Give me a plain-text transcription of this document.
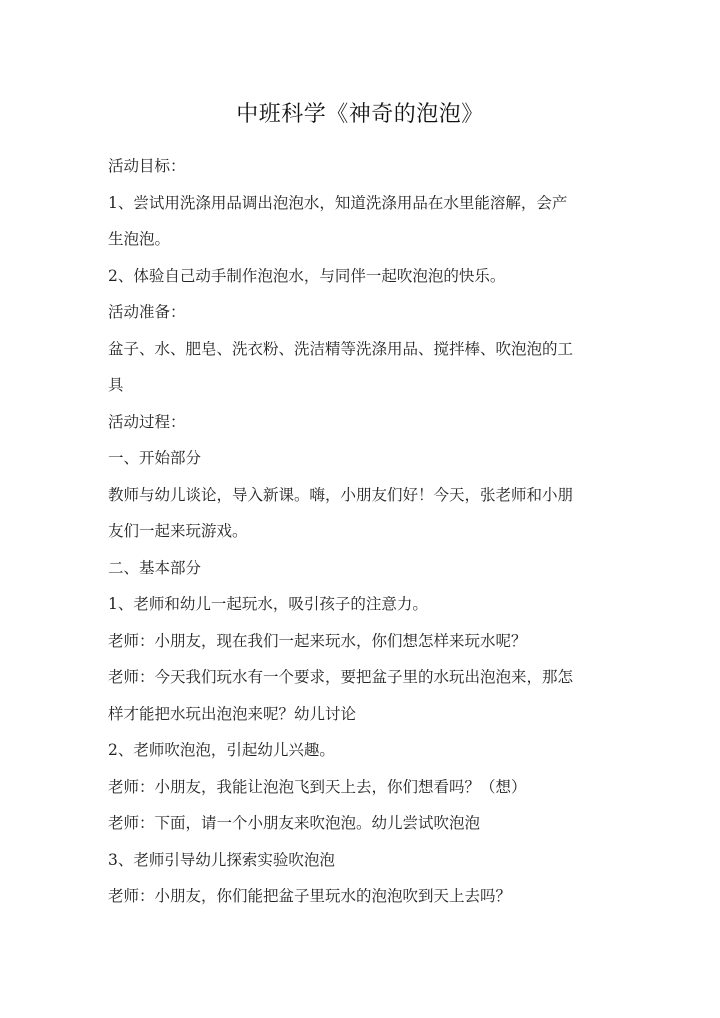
中班科学《神奇的泡泡》

活动目标：

1、尝试用洗涤用品调出泡泡水，知道洗涤用品在水里能溶解，会产

生泡泡。

2、体验自己动手制作泡泡水，与同伴一起吹泡泡的快乐。

活动准备：

盆子、水、肥皂、洗衣粉、洗洁精等洗涤用品、搅拌棒、吹泡泡的工

具

活动过程：

一、开始部分

教师与幼儿谈论，导入新课。嗨，小朋友们好！今天，张老师和小朋

友们一起来玩游戏。

二、基本部分

1、老师和幼儿一起玩水，吸引孩子的注意力。

老师：小朋友，现在我们一起来玩水，你们想怎样来玩水呢？

老师：今天我们玩水有一个要求，要把盆子里的水玩出泡泡来，那怎

样才能把水玩出泡泡来呢？幼儿讨论

2、老师吹泡泡，引起幼儿兴趣。

老师：小朋友，我能让泡泡飞到天上去，你们想看吗？（想）

老师：下面，请一个小朋友来吹泡泡。幼儿尝试吹泡泡

3、老师引导幼儿探索实验吹泡泡

老师：小朋友，你们能把盆子里玩水的泡泡吹到天上去吗？
